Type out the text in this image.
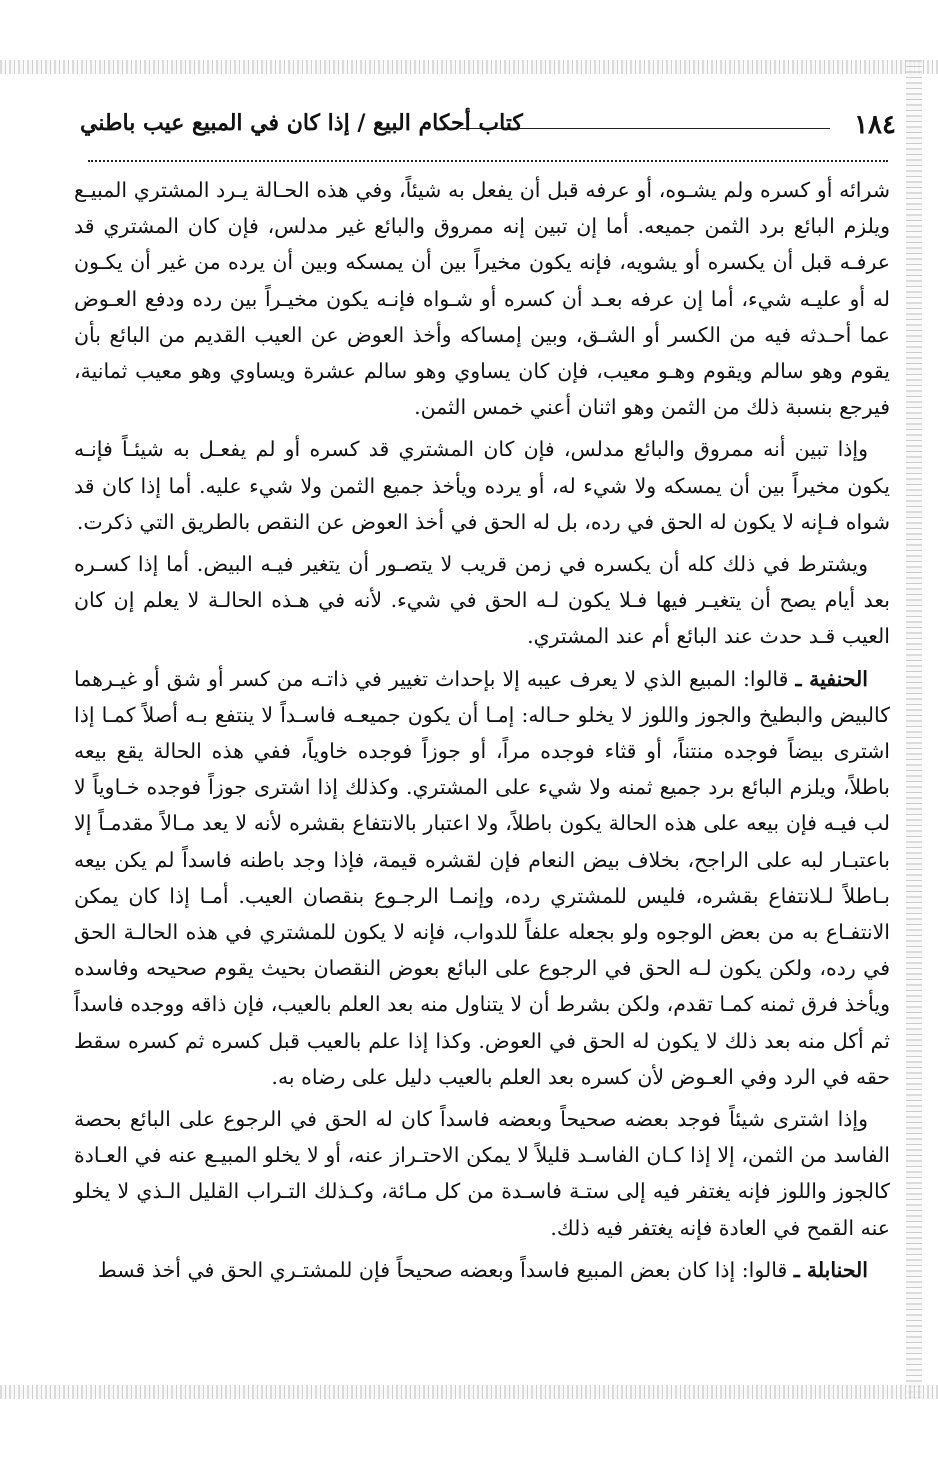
١٨٤
كتاب أحكام البيع / إذا كان في المبيع عيب باطني

شرائه أو كسره ولم يشـوه، أو عرفه قبل أن يفعل به شيئاً، وفي هذه الحـالة يـرد المشتري المبيـع ويلزم البائع برد الثمن جميعه. أما إن تبين إنه ممروق والبائع غير مدلس، فإن كان المشتري قد عرفـه قبل أن يكسره أو يشويه، فإنه يكون مخيراً بين أن يمسكه وبين أن يرده من غير أن يكـون له أو عليـه شيء، أما إن عرفه بعـد أن كسره أو شـواه فإنـه يكون مخيـراً بين رده ودفع العـوض عما أحـدثه فيه من الكسر أو الشـق، وبين إمساكه وأخذ العوض عن العيب القديم من البائع بأن يقوم وهو سالم ويقوم وهـو معيب، فإن كان يساوي وهو سالم عشرة ويساوي وهو معيب ثمانية، فيرجع بنسبة ذلك من الثمن وهو اثنان أعني خمس الثمن.

وإذا تبين أنه ممروق والبائع مدلس، فإن كان المشتري قد كسره أو لم يفعـل به شيئـاً فإنـه يكون مخيراً بين أن يمسكه ولا شيء له، أو يرده ويأخذ جميع الثمن ولا شيء عليه. أما إذا كان قد شواه فـإنه لا يكون له الحق في رده، بل له الحق في أخذ العوض عن النقص بالطريق التي ذكرت.

ويشترط في ذلك كله أن يكسره في زمن قريب لا يتصـور أن يتغير فيـه البيض. أما إذا كسـره بعد أيام يصح أن يتغيـر فيها فـلا يكون لـه الحق في شيء. لأنه في هـذه الحالـة لا يعلم إن كان العيب قـد حدث عند البائع أم عند المشتري.

الحنفية ـ قالوا: المبيع الذي لا يعرف عيبه إلا بإحداث تغيير في ذاتـه من كسر أو شق أو غيـرهما كالبيض والبطيخ والجوز واللوز لا يخلو حـاله: إمـا أن يكون جميعـه فاسـداً لا ينتفع بـه أصلاً كمـا إذا اشترى بيضاً فوجده منتناً، أو قثاء فوجده مراً، أو جوزاً فوجده خاوياً، ففي هذه الحالة يقع بيعه باطلاً، ويلزم البائع برد جميع ثمنه ولا شيء على المشتري. وكذلك إذا اشترى جوزاً فوجده خـاوياً لا لب فيـه فإن بيعه على هذه الحالة يكون باطلاً، ولا اعتبار بالانتفاع بقشره لأنه لا يعد مـالاً مقدمـاً إلا باعتبـار لبه على الراجح، بخلاف بيض النعام فإن لقشره قيمة، فإذا وجد باطنه فاسداً لم يكن بيعه بـاطلاً لـلانتفاع بقشره، فليس للمشتري رده، وإنمـا الرجـوع بنقصان العيب. أمـا إذا كان يمكن الانتفـاع به من بعض الوجوه ولو بجعله علفاً للدواب، فإنه لا يكون للمشتري في هذه الحالـة الحق في رده، ولكن يكون لـه الحق في الرجوع على البائع بعوض النقصان بحيث يقوم صحيحه وفاسده ويأخذ فرق ثمنه كمـا تقدم، ولكن بشرط أن لا يتناول منه بعد العلم بالعيب، فإن ذاقه ووجده فاسداً ثم أكل منه بعد ذلك لا يكون له الحق في العوض. وكذا إذا علم بالعيب قبل كسره ثم كسره سقط حقه في الرد وفي العـوض لأن كسره بعد العلم بالعيب دليل على رضاه به.

وإذا اشترى شيئاً فوجد بعضه صحيحاً وبعضه فاسداً كان له الحق في الرجوع على البائع بحصة الفاسد من الثمن، إلا إذا كـان الفاسـد قليلاً لا يمكن الاحتـراز عنه، أو لا يخلو المبيـع عنه في العـادة كالجوز واللوز فإنه يغتفر فيه إلى ستـة فاسـدة من كل مـائة، وكـذلك التـراب القليل الـذي لا يخلو عنه القمح في العادة فإنه يغتفر فيه ذلك.

الحنابلة ـ قالوا: إذا كان بعض المبيع فاسداً وبعضه صحيحاً فإن للمشتـري الحق في أخذ قسط
